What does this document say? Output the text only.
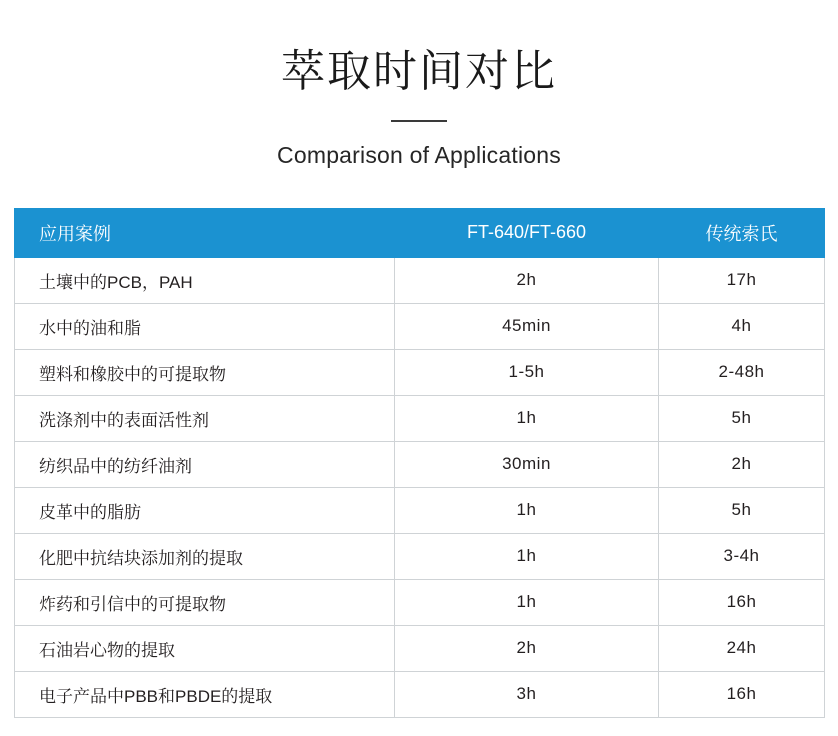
萃取时间对比
Comparison of Applications
应用案例	FT-640/FT-660	传统索氏
土壤中的PCB，PAH	2h	17h
水中的油和脂	45min	4h
塑料和橡胶中的可提取物	1-5h	2-48h
洗涤剂中的表面活性剂	1h	5h
纺织品中的纺纤油剂	30min	2h
皮革中的脂肪	1h	5h
化肥中抗结块添加剂的提取	1h	3-4h
炸药和引信中的可提取物	1h	16h
石油岩心物的提取	2h	24h
电子产品中PBB和PBDE的提取	3h	16h
